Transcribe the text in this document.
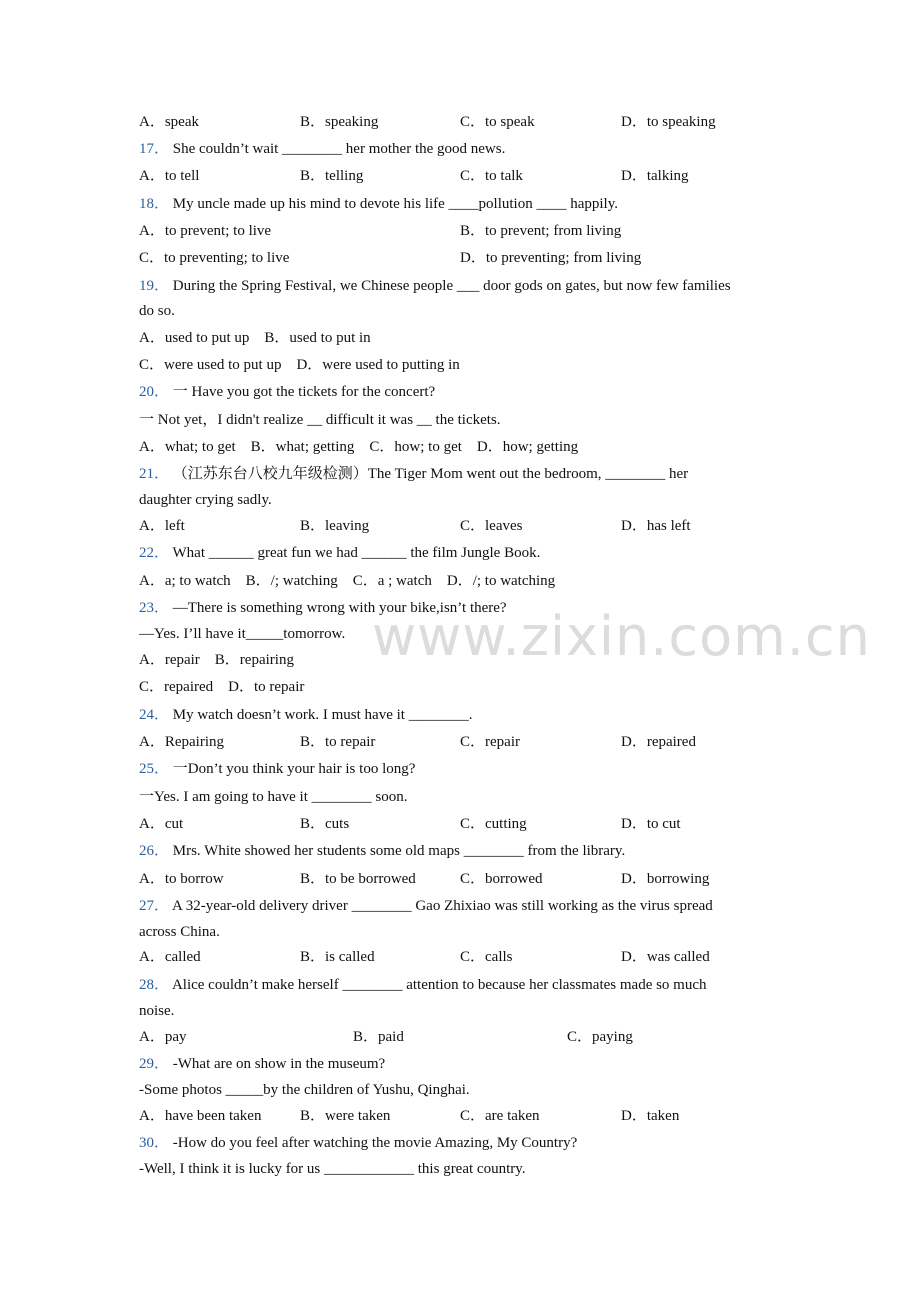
www.zixin.com.cn
A．speak	B．speaking	C．to speak	D．to speaking
17． She couldn’t wait ________ her mother the good news.
A．to tell	B．telling	C．to talk	D．talking
18． My uncle made up his mind to devote his life ____pollution ____ happily.
A．to prevent; to live	B．to prevent; from living
C．to preventing; to live	D．to preventing; from living
19． During the Spring Festival, we Chinese people ___ door gods on gates, but now few families
do so.
A．used to put up　B．used to put in
C．were used to put up　D．were used to putting in
20． 一 Have you got the tickets for the concert?
一 Not yet，I didn't realize __ difficult it was __ the tickets.
A．what; to get　B．what; getting　C．how; to get　D．how; getting
21． （江苏东台八校九年级检测）The Tiger Mom went out the bedroom, ________ her
daughter crying sadly.
A．left	B．leaving	C．leaves	D．has left
22． What ______ great fun we had ______ the film Jungle Book.
A．a; to watch　B．/; watching　C．a ; watch　D．/; to watching
23． —There is something wrong with your bike,isn’t there?
—Yes. I’ll have it_____tomorrow.
A．repair　B．repairing
C．repaired　D．to repair
24． My watch doesn’t work. I must have it ________.
A．Repairing	B．to repair	C．repair	D．repaired
25． 一Don’t you think your hair is too long?
一Yes. I am going to have it ________ soon.
A．cut	B．cuts	C．cutting	D．to cut
26． Mrs. White showed her students some old maps ________ from the library.
A．to borrow	B．to be borrowed	C．borrowed	D．borrowing
27． A 32-year-old delivery driver ________ Gao Zhixiao was still working as the virus spread
across China.
A．called	B．is called	C．calls	D．was called
28． Alice couldn’t make herself ________ attention to because her classmates made so much
noise.
A．pay	B．paid	C．paying
29． -What are on show in the museum?
-Some photos _____by the children of Yushu, Qinghai.
A．have been taken	B．were taken	C．are taken	D．taken
30． -How do you feel after watching the movie Amazing, My Country?
-Well, I think it is lucky for us ____________ this great country.
